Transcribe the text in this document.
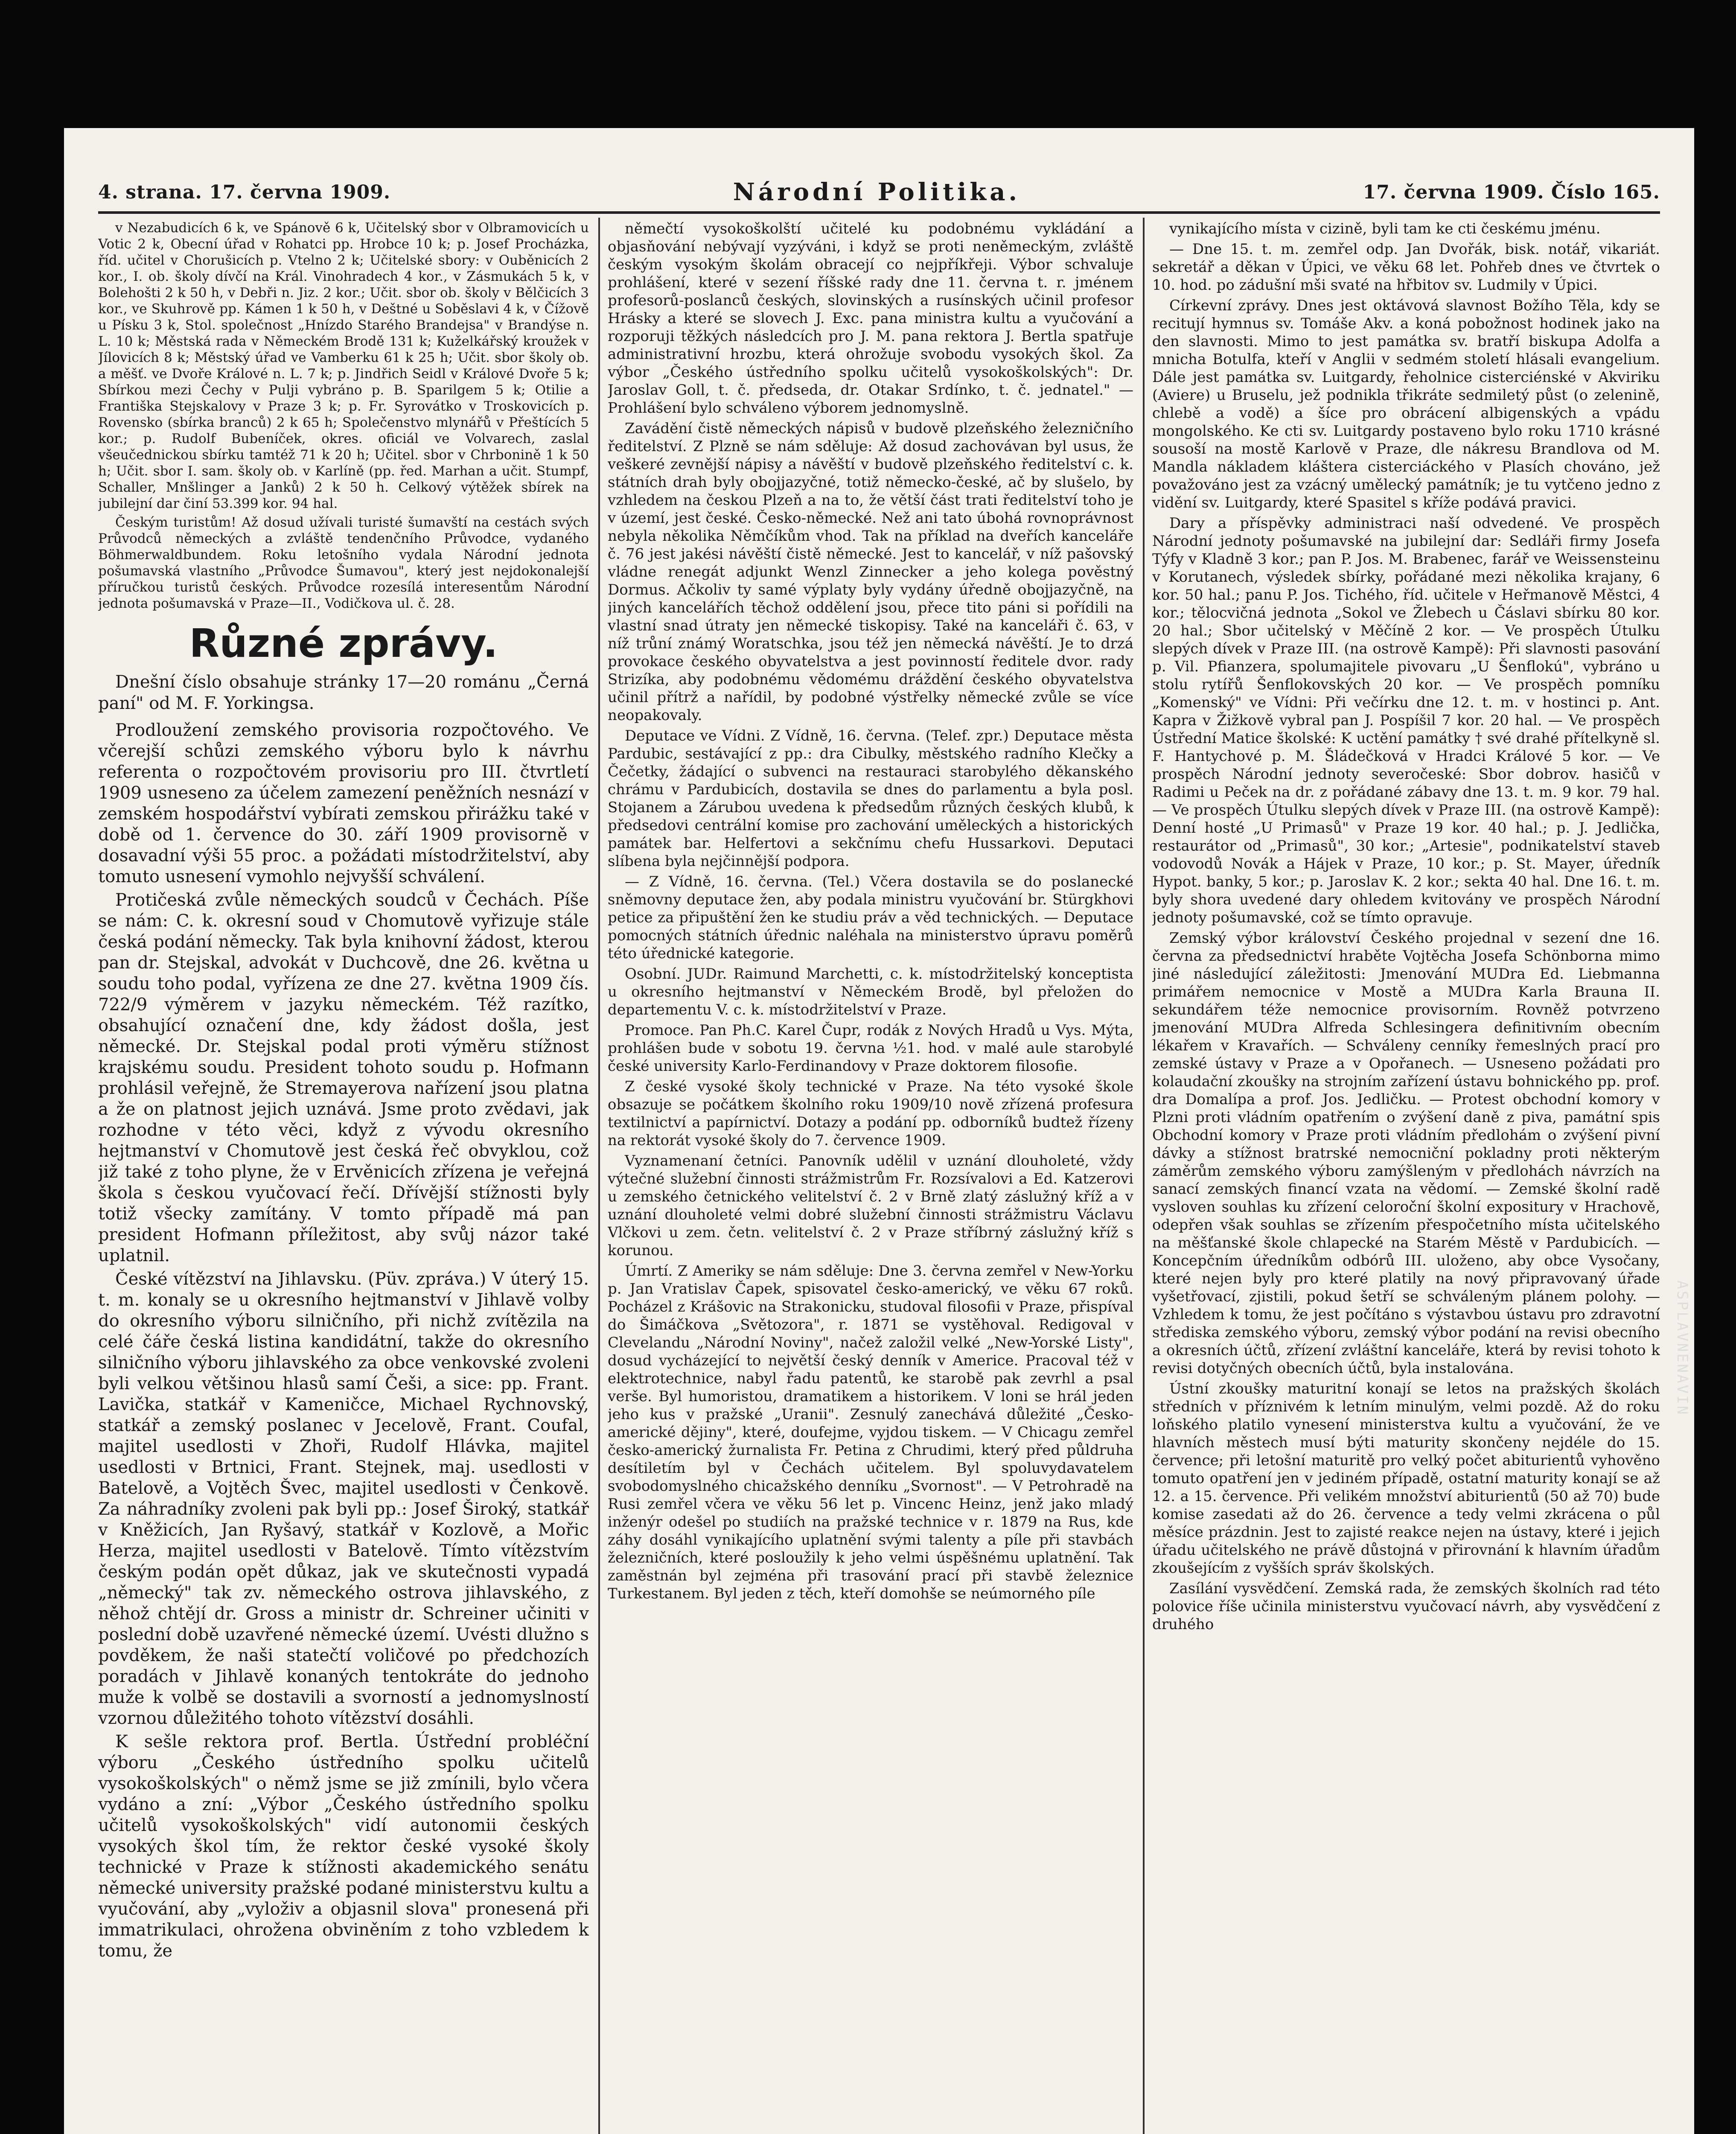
4. strana. 17. června 1909.	Národní Politika.	17. června 1909. Číslo 165.

v Nezabudicích 6 k, ve Spánově 6 k, Učitelský sbor v Olbramovicích u Votic 2 k, Obecní úřad v Rohatci pp. Hrobce 10 k; p. Josef Procházka, říd. učitel v Chorušicích p. Vtelno 2 k; Učitelské sbory: v Ouběnicích 2 kor., I. ob. školy dívčí na Král. Vinohradech 4 kor., v Zásmukách 5 k, v Bolehošti 2 k 50 h, v Debři n. Jiz. 2 kor.; Učit. sbor ob. školy v Bělčicích 3 kor., ve Skuhrově pp. Kámen 1 k 50 h, v Deštné u Soběslavi 4 k, v Čížově u Písku 3 k, Stol. společnost „Hnízdo Starého Brandejsa" v Brandýse n. L. 10 k; Městská rada v Německém Brodě 131 k; Kuželkářský kroužek v Jílovicích 8 k; Městský úřad ve Vamberku 61 k 25 h; Učit. sbor školy ob. a měšť. ve Dvoře Králové n. L. 7 k; p. Jindřich Seidl v Králové Dvoře 5 k; Sbírkou mezi Čechy v Pulji vybráno p. B. Sparilgem 5 k; Otilie a Františka Stejskalovy v Praze 3 k; p. Fr. Syrovátko v Troskovicích p. Rovensko (sbírka branců) 2 k 65 h; Společenstvo mlynářů v Přeštících 5 kor.; p. Rudolf Bubeníček, okres. oficiál ve Volvarech, zaslal všeučednickou sbírku tamtéž 71 k 20 h; Učitel. sbor v Chrbonině 1 k 50 h; Učit. sbor I. sam. školy ob. v Karlíně (pp. řed. Marhan a učit. Stumpf, Schaller, Mnšlinger a Janků) 2 k 50 h. Celkový výtěžek sbírek na jubilejní dar činí 53.399 kor. 94 hal.

Českým turistům! Až dosud užívali turisté šumavští na cestách svých Průvodců německých a zvláště tendenčního Průvodce, vydaného Böhmerwaldbundem. Roku letošního vydala Národní jednota pošumavská vlastního „Průvodce Šumavou", který jest nejdokonalejší příručkou turistů českých. Průvodce rozesílá interesentům Národní jednota pošumavská v Praze—II., Vodičkova ul. č. 28.

Různé zprávy.
Dnešní číslo obsahuje stránky 17—20 románu „Černá paní" od M. F. Yorkingsa.

Prodloužení zemského provisoria rozpočtového. Ve včerejší schůzi zemského výboru bylo k návrhu referenta o rozpočtovém provisoriu pro III. čtvrtletí 1909 usneseno za účelem zamezení peněžních nesnází v zemském hospodářství vybírati zemskou přirážku také v době od 1. července do 30. září 1909 provisorně v dosavadní výši 55 proc. a požádati místodržitelství, aby tomuto usnesení vymohlo nejvyšší schválení.

Protičeská zvůle německých soudců v Čechách. Píše se nám: C. k. okresní soud v Chomutově vyřizuje stále česká podání německy. Tak byla knihovní žádost, kterou pan dr. Stejskal, advokát v Duchcově, dne 26. května u soudu toho podal, vyřízena ze dne 27. května 1909 čís. 722/9 výměrem v jazyku německém. Též razítko, obsahující označení dne, kdy žádost došla, jest německé. Dr. Stejskal podal proti výměru stížnost krajskému soudu. President tohoto soudu p. Hofmann prohlásil veřejně, že Stremayerova nařízení jsou platna a že on platnost jejich uznává. Jsme proto zvědavi, jak rozhodne v této věci, když z vývodu okresního hejtmanství v Chomutově jest česká řeč obvyklou, což již také z toho plyne, že v Ervěnicích zřízena je veřejná škola s českou vyučovací řečí. Dřívější stížnosti byly totiž všecky zamítány. V tomto případě má pan president Hofmann příležitost, aby svůj názor také uplatnil.

České vítězství na Jihlavsku. (Püv. zpráva.) V úterý 15. t. m. konaly se u okresního hejtmanství v Jihlavě volby do okresního výboru silničního, při nichž zvítězila na celé čáře česká listina kandidátní, takže do okresního silničního výboru jihlavského za obce venkovské zvoleni byli velkou většinou hlasů samí Češi, a sice: pp. Frant. Lavička, statkář v Kameničce, Michael Rychnovský, statkář a zemský poslanec v Jecelově, Frant. Coufal, majitel usedlosti v Zhoři, Rudolf Hlávka, majitel usedlosti v Brtnici, Frant. Stejnek, maj. usedlosti v Batelově, a Vojtěch Švec, majitel usedlosti v Čenkově. Za náhradníky zvoleni pak byli pp.: Josef Široký, statkář v Kněžicích, Jan Ryšavý, statkář v Kozlově, a Mořic Herza, majitel usedlosti v Batelově. Tímto vítězstvím českým podán opět důkaz, jak ve skutečnosti vypadá „německý" tak zv. německého ostrova jihlavského, z něhož chtějí dr. Gross a ministr dr. Schreiner učiniti v poslední době uzavřené německé území. Uvésti dlužno s povděkem, že naši statečtí voličové po předchozích poradách v Jihlavě konaných tentokráte do jednoho muže k volbě se dostavili a svorností a jednomyslností vzornou důležitého tohoto vítězství dosáhli.

K sešle rektora prof. Bertla. Ústřední probléční výboru „Českého ústředního spolku učitelů vysokoškolských" o němž jsme se již zmínili, bylo včera vydáno a zní: „Výbor „Českého ústředního spolku učitelů vysokoškolských" vidí autonomii českých vysokých škol tím, že rektor české vysoké školy technické v Praze k stížnosti akademického senátu německé university pražské podané ministerstvu kultu a vyučování, aby „vyloživ a objasnil slova" pronesená při immatrikulaci, ohrožena obviněním z toho vzbledem k tomu, že

němečtí vysokoškolští učitelé ku podobnému vykládání a objasňování nebývají vyzýváni, i když se proti neněmeckým, zvláště českým vysokým školám obracejí co nejpříkřeji. Výbor schvaluje prohlášení, které v sezení říšské rady dne 11. června t. r. jménem profesorů-poslanců českých, slovinských a rusínských učinil profesor Hrásky a které se slovech J. Exc. pana ministra kultu a vyučování a rozporuji těžkých následcích pro J. M. pana rektora J. Bertla spatřuje administrativní hrozbu, která ohrožuje svobodu vysokých škol. Za výbor „Českého ústředního spolku učitelů vysokoškolských": Dr. Jaroslav Goll, t. č. předseda, dr. Otakar Srdínko, t. č. jednatel." — Prohlášení bylo schváleno výborem jednomyslně.

Zavádění čistě německých nápisů v budově plzeňského železničního ředitelství. Z Plzně se nám sděluje: Až dosud zachovávan byl usus, že veškeré zevnější nápisy a návěští v budově plzeňského ředitelství c. k. státních drah byly obojjazyčné, totiž německo-české, ač by slušelo, by vzhledem na českou Plzeň a na to, že větší část trati ředitelství toho je v území, jest české. Česko-německé. Než ani tato úbohá rovnoprávnost nebyla několika Němčíkům vhod. Tak na příklad na dveřích kanceláře č. 76 jest jakési návěští čistě německé. Jest to kancelář, v níž pašovský vládne renegát adjunkt Wenzl Zinnecker a jeho kolega pověstný Dormus. Ačkoliv ty samé výplaty byly vydány úředně obojjazyčně, na jiných kancelářích těchož oddělení jsou, přece tito páni si pořídili na vlastní snad útraty jen německé tiskopisy. Také na kanceláři č. 63, v níž trůní známý Woratschka, jsou též jen německá návěští. Je to drzá provokace českého obyvatelstva a jest povinností ředitele dvor. rady Strizíka, aby podobnému vědomému dráždění českého obyvatelstva učinil přítrž a nařídil, by podobné výstřelky německé zvůle se více neopakovaly.

Deputace ve Vídni. Z Vídně, 16. června. (Telef. zpr.) Deputace města Pardubic, sestávající z pp.: dra Cibulky, městského radního Klečky a Čečetky, žádající o subvenci na restauraci starobylého děkanského chrámu v Pardubicích, dostavila se dnes do parlamentu a byla posl. Stojanem a Zárubou uvedena k předsedům různých českých klubů, k předsedovi centrální komise pro zachování uměleckých a historických památek bar. Helfertovi a sekčnímu chefu Hussarkovi. Deputaci slíbena byla nejčinnější podpora.

— Z Vídně, 16. června. (Tel.) Včera dostavila se do poslanecké sněmovny deputace žen, aby podala ministru vyučování br. Stürgkhovi petice za připuštění žen ke studiu práv a věd technických. — Deputace pomocných státních úřednic naléhala na ministerstvo úpravu poměrů této úřednické kategorie.

Osobní. JUDr. Raimund Marchetti, c. k. místodržitelský konceptista u okresního hejtmanství v Německém Brodě, byl přeložen do departementu V. c. k. místodržitelství v Praze.

Promoce. Pan Ph.C. Karel Čupr, rodák z Nových Hradů u Vys. Mýta, prohlášen bude v sobotu 19. června ½1. hod. v malé aule starobylé české university Karlo-Ferdinandovy v Praze doktorem filosofie.

Z české vysoké školy technické v Praze. Na této vysoké škole obsazuje se počátkem školního roku 1909/10 nově zřízená profesura textilnictví a papírnictví. Dotazy a podání pp. odborníků budtež řízeny na rektorát vysoké školy do 7. července 1909.

Vyznamenaní četníci. Panovník udělil v uznání dlouholeté, vždy výtečné služební činnosti strážmistrům Fr. Rozsívalovi a Ed. Katzerovi u zemského četnického velitelství č. 2 v Brně zlatý záslužný kříž a v uznání dlouholeté velmi dobré služební činnosti strážmistru Václavu Vlčkovi u zem. četn. velitelství č. 2 v Praze stříbrný záslužný kříž s korunou.

Úmrtí. Z Ameriky se nám sděluje: Dne 3. června zemřel v New-Yorku p. Jan Vratislav Čapek, spisovatel česko-americký, ve věku 67 roků. Pocházel z Krášovic na Strakonicku, studoval filosofii v Praze, přispíval do Šimáčkova „Světozora", r. 1871 se vystěhoval. Redigoval v Clevelandu „Národní Noviny", načež založil velké „New-Yorské Listy", dosud vycházející to největší český denník v Americe. Pracoval též v elektrotechnice, nabyl řadu patentů, ke starobě pak zevrhl a psal verše. Byl humoristou, dramatikem a historikem. V loni se hrál jeden jeho kus v pražské „Uranii". Zesnulý zanechává důležité „Česko-americké dějiny", které, doufejme, vyjdou tiskem. — V Chicagu zemřel česko-americký žurnalista Fr. Petina z Chrudimi, který před půldruha desítiletím byl v Čechách učitelem. Byl spoluvydavatelem svobodomyslného chicažského denníku „Svornost". — V Petrohradě na Rusi zemřel včera ve věku 56 let p. Vincenc Heinz, jenž jako mladý inženýr odešel po studiích na pražské technice v r. 1879 na Rus, kde záhy dosáhl vynikajícího uplatnění svými talenty a píle při stavbách železničních, které posloužily k jeho velmi úspěšnému uplatnění. Tak zaměstnán byl zejména při trasování prací při stavbě železnice Turkestanem. Byl jeden z těch, kteří domohše se neúmorného píle

vynikajícího místa v cizině, byli tam ke cti českému jménu.

— Dne 15. t. m. zemřel odp. Jan Dvořák, bisk. notář, vikariát. sekretář a děkan v Úpici, ve věku 68 let. Pohřeb dnes ve čtvrtek o 10. hod. po zádušní mši svaté na hřbitov sv. Ludmily v Úpici.

Církevní zprávy. Dnes jest oktávová slavnost Božího Těla, kdy se recitují hymnus sv. Tomáše Akv. a koná pobožnost hodinek jako na den slavnosti. Mimo to jest památka sv. bratří biskupa Adolfa a mnicha Botulfa, kteří v Anglii v sedmém století hlásali evangelium. Dále jest památka sv. Luitgardy, řeholnice cisterciénské v Akviriku (Aviere) u Bruselu, jež podnikla třikráte sedmiletý půst (o zelenině, chlebě a vodě) a šíce pro obrácení albigenských a vpádu mongolského. Ke cti sv. Luitgardy postaveno bylo roku 1710 krásné sousoší na mostě Karlově v Praze, dle nákresu Brandlova od M. Mandla nákladem kláštera cisterciáckého v Plasích chováno, jež považováno jest za vzácný umělecký památník; je tu vytčeno jedno z vidění sv. Luitgardy, které Spasitel s kříže podává pravici.

Dary a příspěvky administraci naší odvedené. Ve prospěch Národní jednoty pošumavské na jubilejní dar: Sedláři firmy Josefa Týfy v Kladně 3 kor.; pan P. Jos. M. Brabenec, farář ve Weissensteinu v Korutanech, výsledek sbírky, pořádané mezi několika krajany, 6 kor. 50 hal.; panu P. Jos. Tichého, říd. učitele v Heřmanově Městci, 4 kor.; tělocvičná jednota „Sokol ve Žlebech u Čáslavi sbírku 80 kor. 20 hal.; Sbor učitelský v Měčíně 2 kor. — Ve prospěch Útulku slepých dívek v Praze III. (na ostrově Kampě): Při slavnosti pasování p. Vil. Pfianzera, spolumajitele pivovaru „U Šenflokú", vybráno u stolu rytířů Šenflokovských 20 kor. — Ve prospěch pomníku „Komenský" ve Vídni: Při večírku dne 12. t. m. v hostinci p. Ant. Kapra v Žižkově vybral pan J. Pospíšil 7 kor. 20 hal. — Ve prospěch Ústřední Matice školské: K uctění památky † své drahé přítelkyně sl. F. Hantychové p. M. Šládečková v Hradci Králové 5 kor. — Ve prospěch Národní jednoty severočeské: Sbor dobrov. hasičů v Radimi u Peček na dr. z pořádané zábavy dne 13. t. m. 9 kor. 79 hal. — Ve prospěch Útulku slepých dívek v Praze III. (na ostrově Kampě): Denní hosté „U Primasů" v Praze 19 kor. 40 hal.; p. J. Jedlička, restaurátor od „Primasů", 30 kor.; „Artesie", podnikatelství staveb vodovodů Novák a Hájek v Praze, 10 kor.; p. St. Mayer, úředník Hypot. banky, 5 kor.; p. Jaroslav K. 2 kor.; sekta 40 hal. Dne 16. t. m. byly shora uvedené dary ohledem kvitovány ve prospěch Národní jednoty pošumavské, což se tímto opravuje.

Zemský výbor království Českého projednal v sezení dne 16. června za předsednictví hraběte Vojtěcha Josefa Schönborna mimo jiné následující záležitosti: Jmenování MUDra Ed. Liebmanna primářem nemocnice v Mostě a MUDra Karla Brauna II. sekundářem téže nemocnice provisorním. Rovněž potvrzeno jmenování MUDra Alfreda Schlesingera definitivním obecním lékařem v Kravařích. — Schváleny cenníky řemeslných prací pro zemské ústavy v Praze a v Opořanech. — Usneseno požádati pro kolaudační zkoušky na strojním zařízení ústavu bohnického pp. prof. dra Domalípa a prof. Jos. Jedličku. — Protest obchodní komory v Plzni proti vládním opatřením o zvýšení daně z piva, památní spis Obchodní komory v Praze proti vládním předlohám o zvýšení pivní dávky a stížnost bratrské nemocniční pokladny proti některým záměrům zemského výboru zamýšleným v předlohách návrzích na sanací zemských financí vzata na vědomí. — Zemské školní radě vysloven souhlas ku zřízení celoroční školní expositury v Hrachově, odepřen však souhlas se zřízením přespočetního místa učitelského na měšťanské škole chlapecké na Starém Městě v Pardubicích. — Koncepčním úředníkům odbórů III. uloženo, aby obce Vysočany, které nejen byly pro které platily na nový připravovaný úřade vyšetřovací, zjistili, pokud šetří se schváleným plánem polohy. — Vzhledem k tomu, že jest počítáno s výstavbou ústavu pro zdravotní střediska zemského výboru, zemský výbor podání na revisi obecního a okresních účtů, zřízení zvláštní kanceláře, která by revisi tohoto k revisi dotyčných obecních účtů, byla instalována.

Ústní zkoušky maturitní konají se letos na pražských školách středních v příznivém k letním minulým, velmi pozdě. Až do roku loňského platilo vynesení ministerstva kultu a vyučování, že ve hlavních městech musí býti maturity skončeny nejdéle do 15. července; při letošní maturitě pro velký počet abiturientů vyhověno tomuto opatření jen v jediném případě, ostatní maturity konají se až 12. a 15. července. Při velikém množství abiturientů (50 až 70) bude komise zasedati až do 26. července a tedy velmi zkrácena o půl měsíce prázdnin. Jest to zajisté reakce nejen na ústavy, které i jejich úřadu učitelského ne právě důstojná v přirovnání k hlavním úřadům zkoušejícím z vyšších správ školských.

Zasílání vysvědčení. Zemská rada, že zemských školních rad této polovice říše učinila ministerstvu vyučovací návrh, aby vysvědčení z druhého

ASPLAVNENAVIN
